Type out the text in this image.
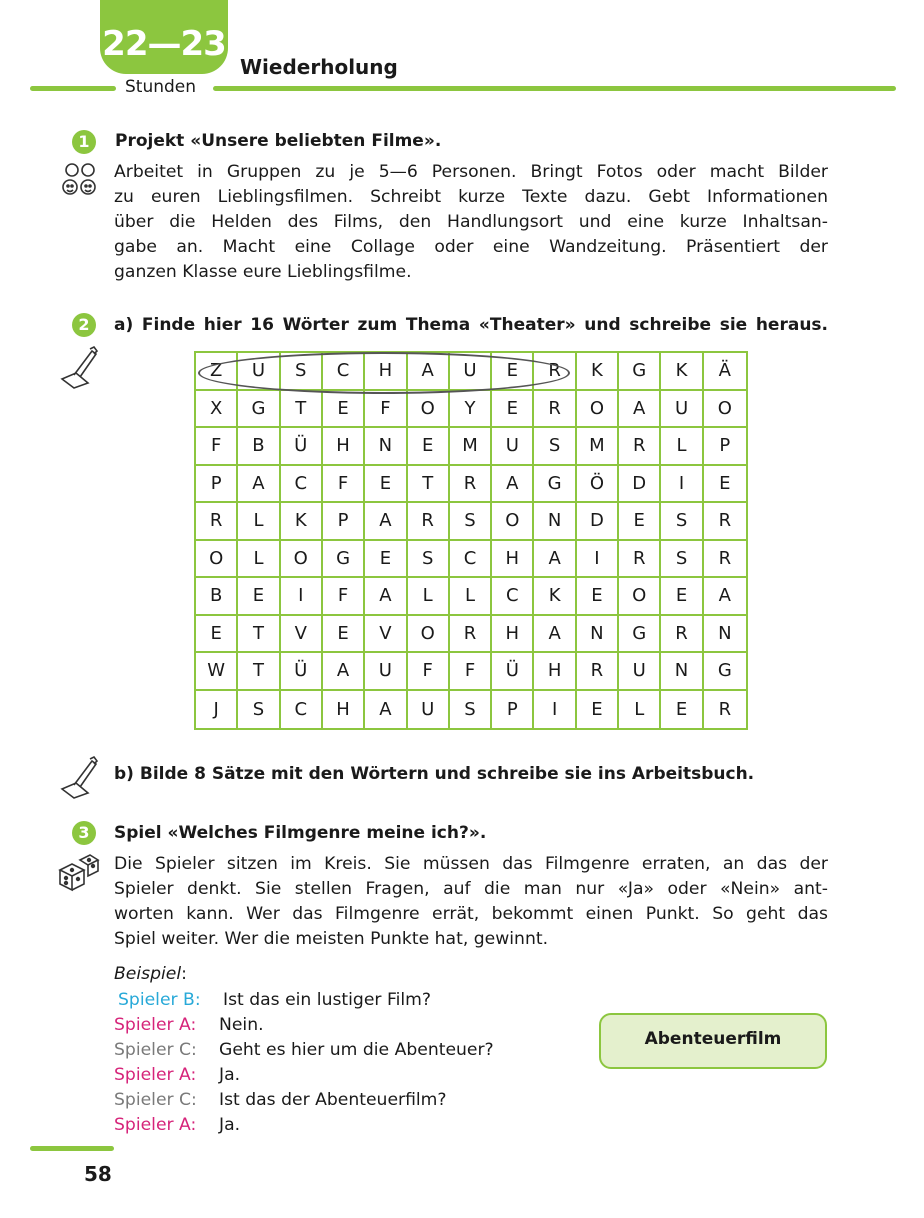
22—23
Stunden
Wiederholung
1	Projekt «Unsere beliebten Filme».
Arbeitet in Gruppen zu je 5—6 Personen. Bringt Fotos oder macht Bilder
zu euren Lieblingsfilmen. Schreibt kurze Texte dazu. Gebt Informationen
über die Helden des Films, den Handlungsort und eine kurze Inhaltsan-
gabe an. Macht eine Collage oder eine Wandzeitung. Präsentiert der
ganzen Klasse eure Lieblingsfilme.
2	a) Finde hier 16 Wörter zum Thema «Theater» und schreibe sie heraus.
Z	U	S	C	H	A	U	E	R	K	G	K	Ä
X	G	T	E	F	O	Y	E	R	O	A	U	O
F	B	Ü	H	N	E	M	U	S	M	R	L	P
P	A	C	F	E	T	R	A	G	Ö	D	I	E
R	L	K	P	A	R	S	O	N	D	E	S	R
O	L	O	G	E	S	C	H	A	I	R	S	R
B	E	I	F	A	L	L	C	K	E	O	E	A
E	T	V	E	V	O	R	H	A	N	G	R	N
W	T	Ü	A	U	F	F	Ü	H	R	U	N	G
J	S	C	H	A	U	S	P	I	E	L	E	R
b) Bilde 8 Sätze mit den Wörtern und schreibe sie ins Arbeitsbuch.
3	Spiel «Welches Filmgenre meine ich?».
Die Spieler sitzen im Kreis. Sie müssen das Filmgenre erraten, an das der
Spieler denkt. Sie stellen Fragen, auf die man nur «Ja» oder «Nein» ant-
worten kann. Wer das Filmgenre errät, bekommt einen Punkt. So geht das
Spiel weiter. Wer die meisten Punkte hat, gewinnt.
Beispiel:
Spieler B: Ist das ein lustiger Film?
Spieler A: Nein.
Spieler C: Geht es hier um die Abenteuer?
Spieler A: Ja.
Spieler C: Ist das der Abenteuerfilm?
Spieler A: Ja.
Abenteuerfilm
58
